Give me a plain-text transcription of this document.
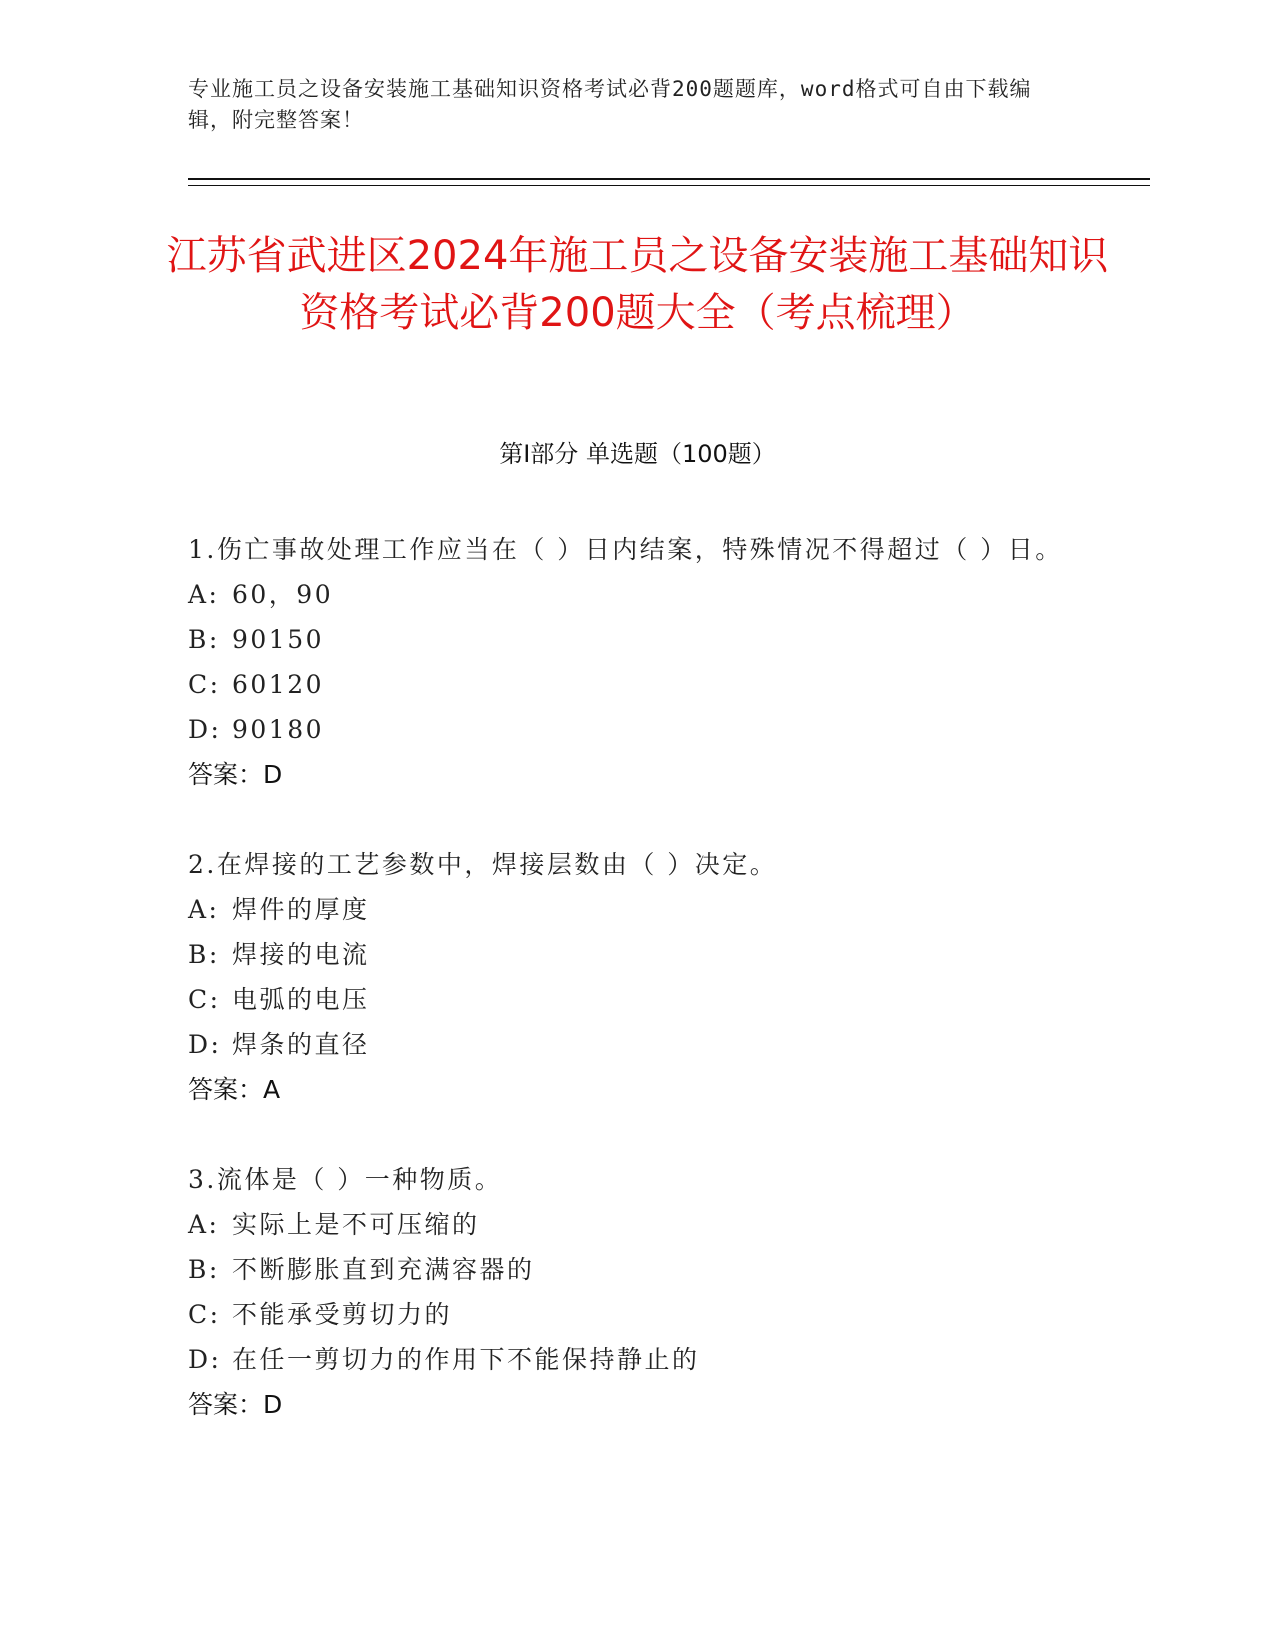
专业施工员之设备安装施工基础知识资格考试必背200题题库，word格式可自由下载编辑，附完整答案！
江苏省武进区2024年施工员之设备安装施工基础知识资格考试必背200题大全（考点梳理）
第Ⅰ部分 单选题（100题）
1.伤亡事故处理工作应当在（ ）日内结案，特殊情况不得超过（ ）日。
A: 60，90
B: 90150
C: 60120
D: 90180
答案：D
2.在焊接的工艺参数中，焊接层数由（ ）决定。
A: 焊件的厚度
B: 焊接的电流
C: 电弧的电压
D: 焊条的直径
答案：A
3.流体是（ ）一种物质。
A: 实际上是不可压缩的
B: 不断膨胀直到充满容器的
C: 不能承受剪切力的
D: 在任一剪切力的作用下不能保持静止的
答案：D
